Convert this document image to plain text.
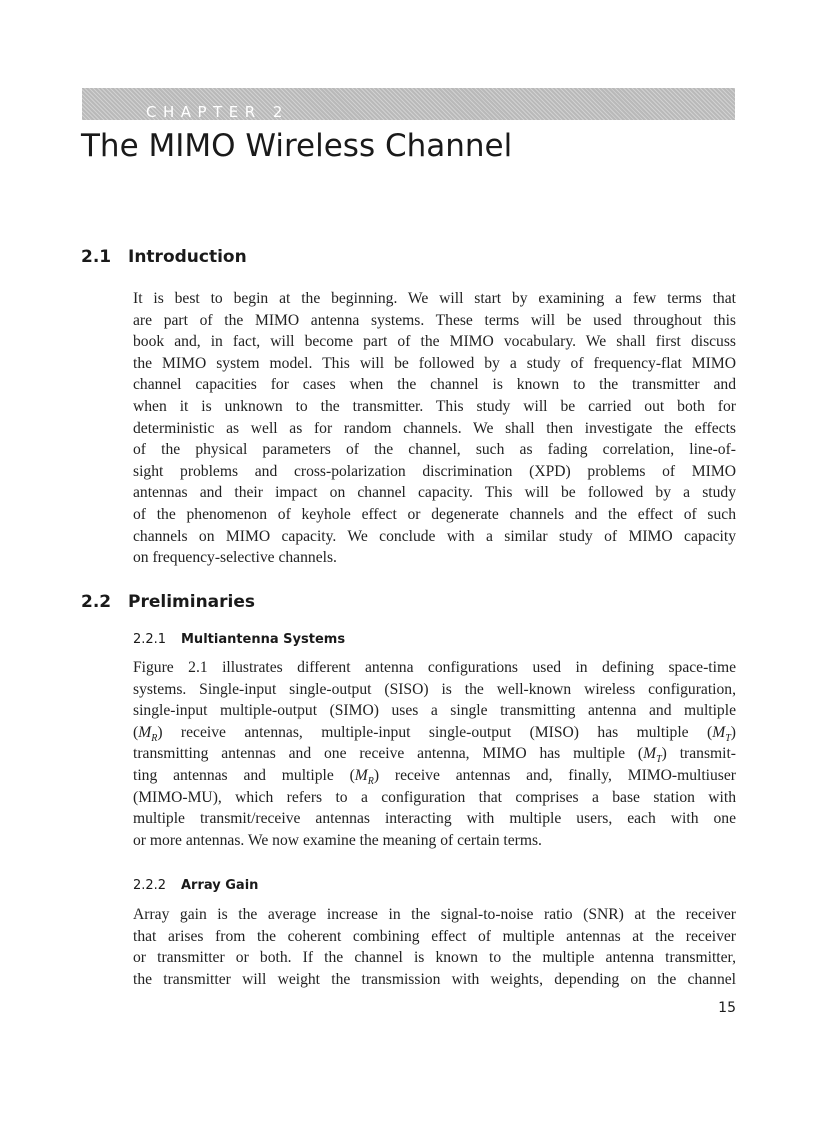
CHAPTER 2
The MIMO Wireless Channel
2.1 Introduction
It is best to begin at the beginning. We will start by examining a few terms that
are part of the MIMO antenna systems. These terms will be used throughout this
book and, in fact, will become part of the MIMO vocabulary. We shall first discuss
the MIMO system model. This will be followed by a study of frequency-flat MIMO
channel capacities for cases when the channel is known to the transmitter and
when it is unknown to the transmitter. This study will be carried out both for
deterministic as well as for random channels. We shall then investigate the effects
of the physical parameters of the channel, such as fading correlation, line-of-
sight problems and cross-polarization discrimination (XPD) problems of MIMO
antennas and their impact on channel capacity. This will be followed by a study
of the phenomenon of keyhole effect or degenerate channels and the effect of such
channels on MIMO capacity. We conclude with a similar study of MIMO capacity
on frequency-selective channels.
2.2 Preliminaries
2.2.1 Multiantenna Systems
Figure 2.1 illustrates different antenna configurations used in defining space-time
systems. Single-input single-output (SISO) is the well-known wireless configuration,
single-input multiple-output (SIMO) uses a single transmitting antenna and multiple
$(M_R)$ receive antennas, multiple-input single-output (MISO) has multiple $(M_T)$
transmitting antennas and one receive antenna, MIMO has multiple $(M_T)$ transmit-
ting antennas and multiple $(M_R)$ receive antennas and, finally, MIMO-multiuser
(MIMO-MU), which refers to a configuration that comprises a base station with
multiple transmit/receive antennas interacting with multiple users, each with one
or more antennas. We now examine the meaning of certain terms.
2.2.2 Array Gain
Array gain is the average increase in the signal-to-noise ratio (SNR) at the receiver
that arises from the coherent combining effect of multiple antennas at the receiver
or transmitter or both. If the channel is known to the multiple antenna transmitter,
the transmitter will weight the transmission with weights, depending on the channel
15
